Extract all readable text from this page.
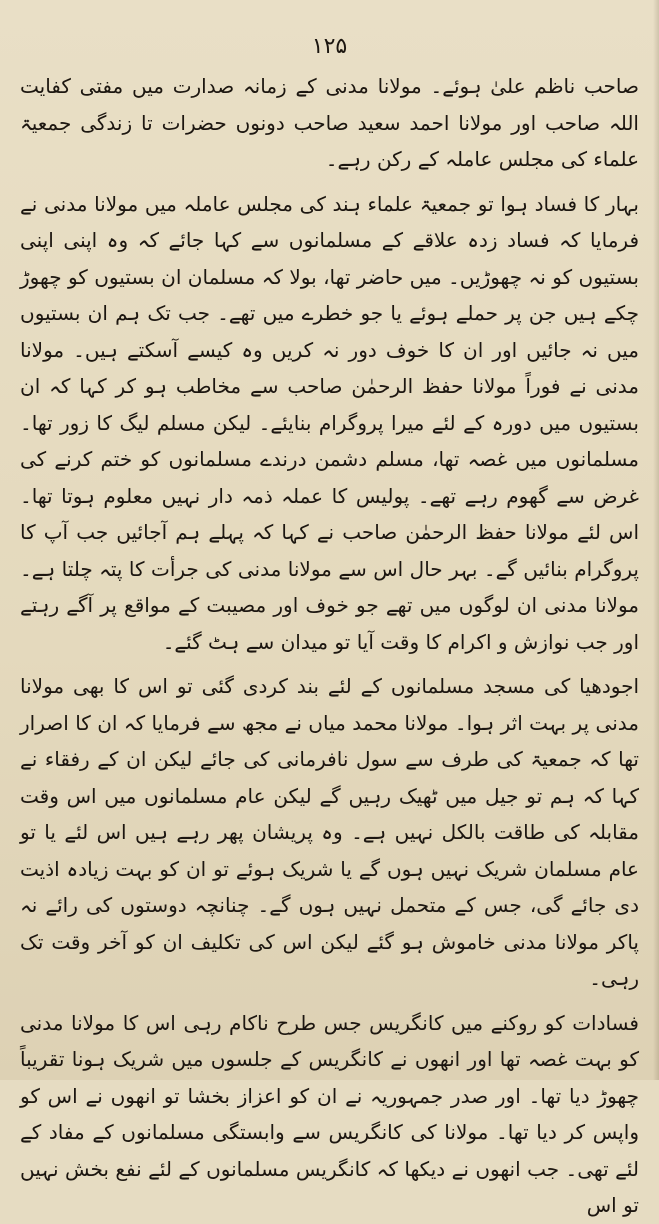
۱۲۵

صاحب ناظم علیٰ ہوئے۔ مولانا مدنی کے زمانہ صدارت میں مفتی کفایت اللہ صاحب اور مولانا احمد سعید صاحب دونوں حضرات تا زندگی جمعیۃ علماء کی مجلس عاملہ کے رکن رہے۔

بہار کا فساد ہوا تو جمعیۃ علماء ہند کی مجلس عاملہ میں مولانا مدنی نے فرمایا کہ فساد زدہ علاقے کے مسلمانوں سے کہا جائے کہ وہ اپنی اپنی بستیوں کو نہ چھوڑیں۔ میں حاضر تھا، بولا کہ مسلمان ان بستیوں کو چھوڑ چکے ہیں جن پر حملے ہوئے یا جو خطرے میں تھے۔ جب تک ہم ان بستیوں میں نہ جائیں اور ان کا خوف دور نہ کریں وہ کیسے آسکتے ہیں۔ مولانا مدنی نے فوراً مولانا حفظ الرحمٰن صاحب سے مخاطب ہو کر کہا کہ ان بستیوں میں دورہ کے لئے میرا پروگرام بنایئے۔ لیکن مسلم لیگ کا زور تھا۔ مسلمانوں میں غصہ تھا، مسلم دشمن درندے مسلمانوں کو ختم کرنے کی غرض سے گھوم رہے تھے۔ پولیس کا عملہ ذمہ دار نہیں معلوم ہوتا تھا۔ اس لئے مولانا حفظ الرحمٰن صاحب نے کہا کہ پہلے ہم آجائیں جب آپ کا پروگرام بنائیں گے۔ بہر حال اس سے مولانا مدنی کی جرأت کا پتہ چلتا ہے۔ مولانا مدنی ان لوگوں میں تھے جو خوف اور مصیبت کے مواقع پر آگے رہتے اور جب نوازش و اکرام کا وقت آیا تو میدان سے ہٹ گئے۔

اجودھیا کی مسجد مسلمانوں کے لئے بند کردی گئی تو اس کا بھی مولانا مدنی پر بہت اثر ہوا۔ مولانا محمد میاں نے مجھ سے فرمایا کہ ان کا اصرار تھا کہ جمعیۃ کی طرف سے سول نافرمانی کی جائے لیکن ان کے رفقاء نے کہا کہ ہم تو جیل میں ٹھیک رہیں گے لیکن عام مسلمانوں میں اس وقت مقابلہ کی طاقت بالکل نہیں ہے۔ وہ پریشان پھر رہے ہیں اس لئے یا تو عام مسلمان شریک نہیں ہوں گے یا شریک ہوئے تو ان کو بہت زیادہ اذیت دی جائے گی، جس کے متحمل نہیں ہوں گے۔ چنانچہ دوستوں کی رائے نہ پاکر مولانا مدنی خاموش ہو گئے لیکن اس کی تکلیف ان کو آخر وقت تک رہی۔

فسادات کو روکنے میں کانگریس جس طرح ناکام رہی اس کا مولانا مدنی کو بہت غصہ تھا اور انھوں نے کانگریس کے جلسوں میں شریک ہونا تقریباً چھوڑ دیا تھا۔ اور صدر جمہوریہ نے ان کو اعزاز بخشا تو انھوں نے اس کو واپس کر دیا تھا۔ مولانا کی کانگریس سے وابستگی مسلمانوں کے مفاد کے لئے تھی۔ جب انھوں نے دیکھا کہ کانگریس مسلمانوں کے لئے نفع بخش نہیں تو اس
